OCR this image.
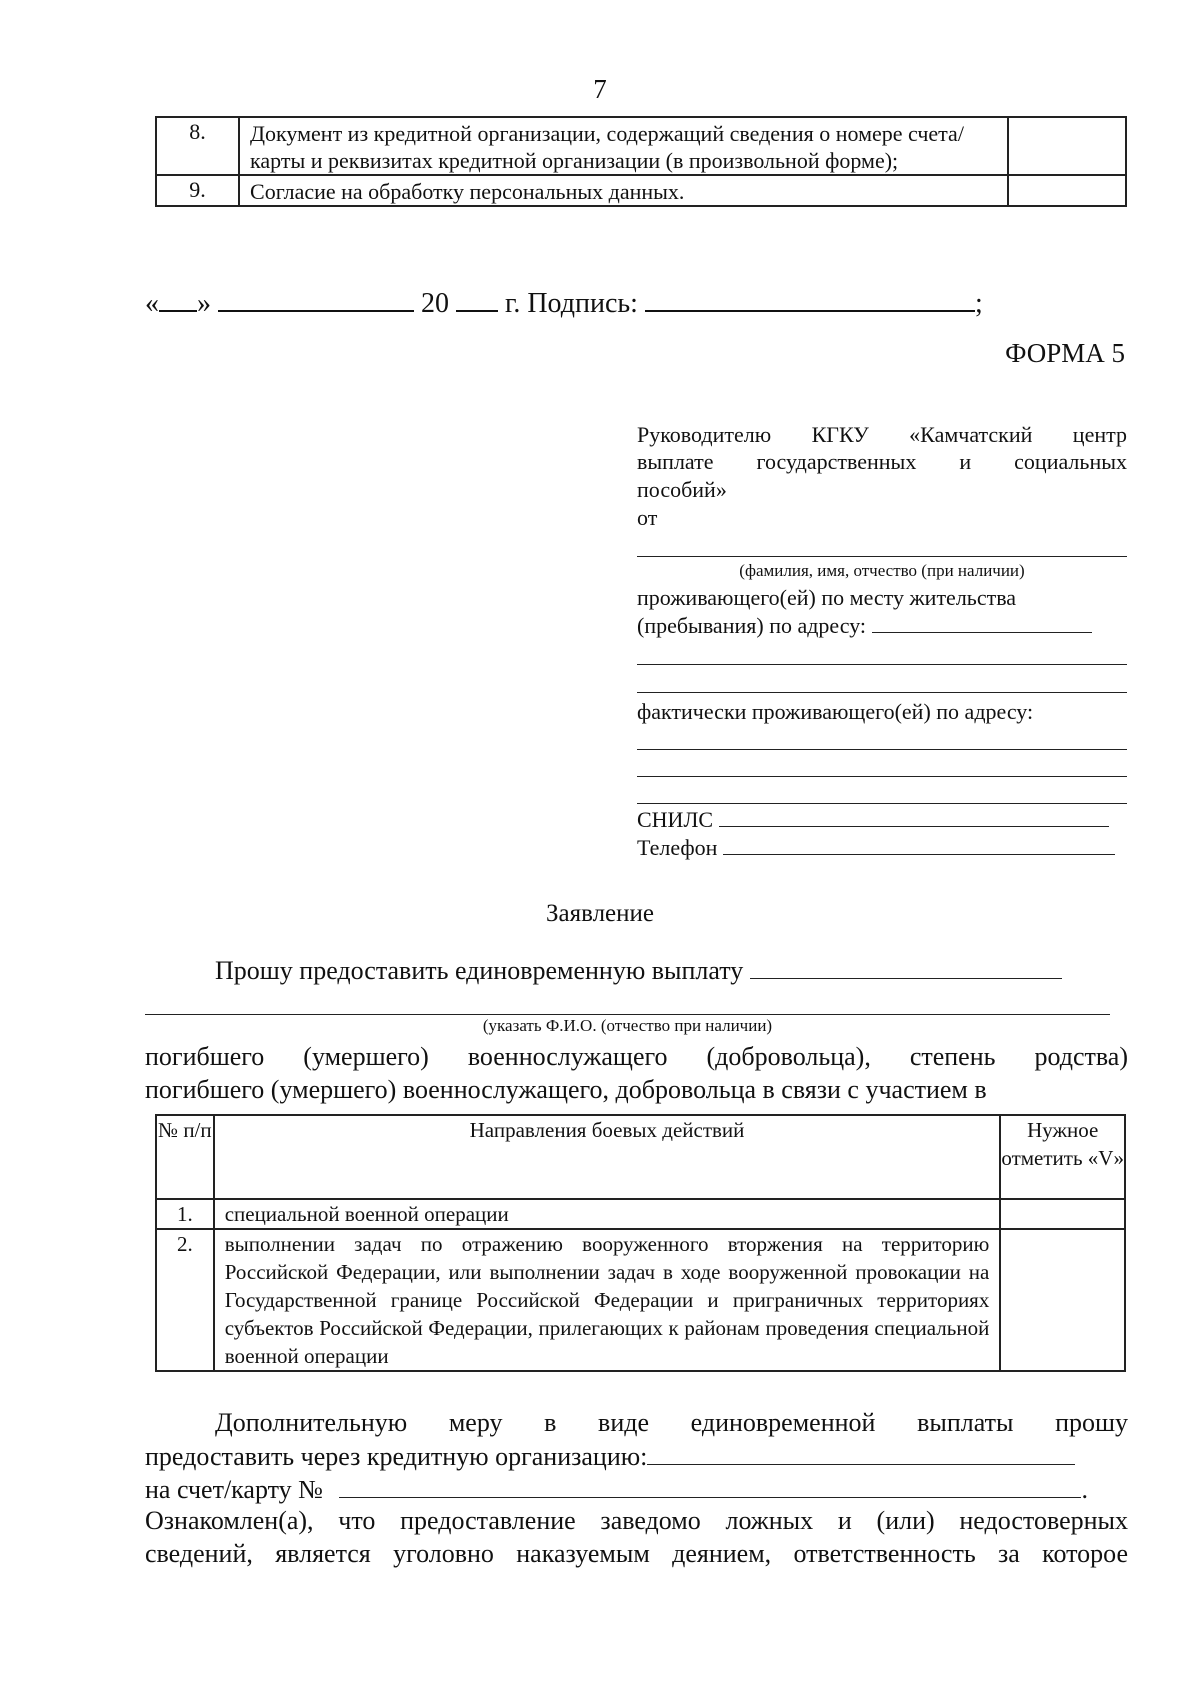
7
8.	Документ из кредитной организации, содержащий сведения о номере счета/карты и реквизитах кредитной организации (в произвольной форме);	
9.	Согласие на обработку персональных данных.	
« »	20 г. Подпись:	;
ФОРМА 5
Руководителю КГКУ «Камчатский центр
выплате государственных и социальных
пособий»
от
(фамилия, имя, отчество (при наличии)
проживающего(ей) по месту жительства
(пребывания) по адресу:
фактически проживающего(ей) по адресу:
СНИЛС
Телефон
Заявление
Прошу предоставить единовременную выплату
(указать Ф.И.О. (отчество при наличии)
погибшего (умершего) военнослужащего (добровольца), степень родства)
погибшего (умершего) военнослужащего, добровольца в связи с участием в
№ п/п	Направления боевых действий	Нужное отметить «V»
1.	специальной военной операции	
2.	выполнении задач по отражению вооруженного вторжения на территорию Российской Федерации, или выполнении задач в ходе вооруженной провокации на Государственной границе Российской Федерации и приграничных территориях субъектов Российской Федерации, прилегающих к районам проведения специальной военной операции	
Дополнительную меру в виде единовременной выплаты прошу
предоставить через кредитную организацию:
на счет/карту №	.
Ознакомлен(а), что предоставление заведомо ложных и (или) недостоверных
сведений, является уголовно наказуемым деянием, ответственность за которое
